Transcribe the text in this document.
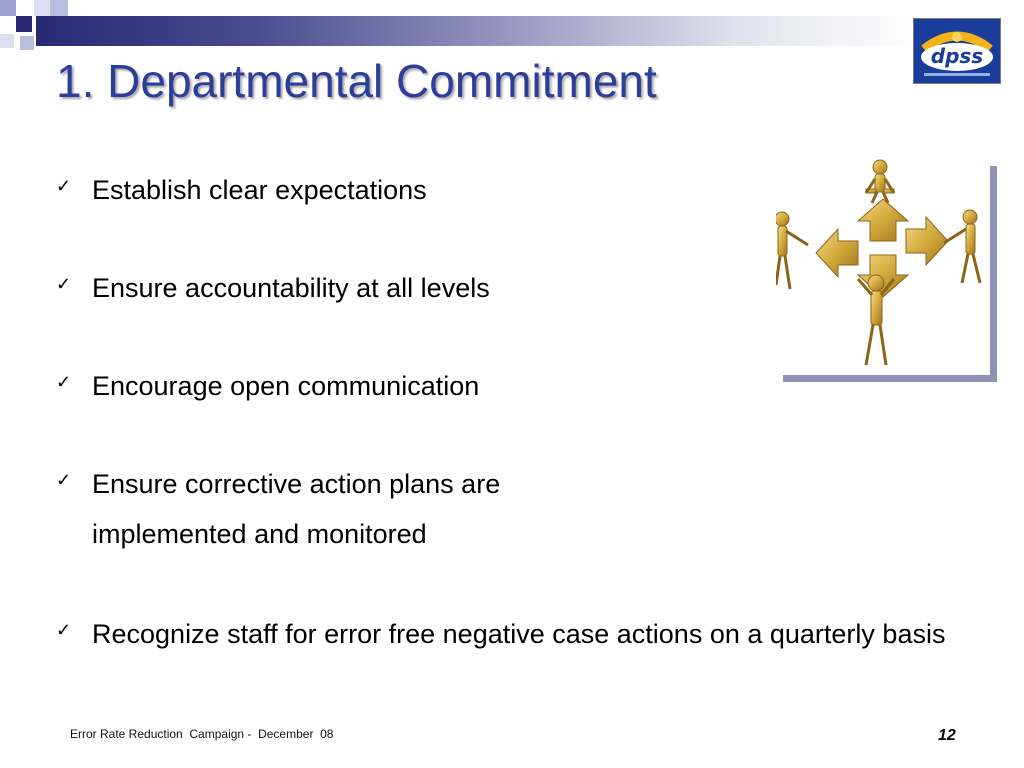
dpss
1. Departmental Commitment
✓ Establish clear expectations
✓ Ensure accountability at all levels
✓ Encourage open communication
✓ Ensure corrective action plans are
implemented and monitored
✓ Recognize staff for error free negative case actions on a quarterly basis
Error Rate Reduction  Campaign -  December  08	12
